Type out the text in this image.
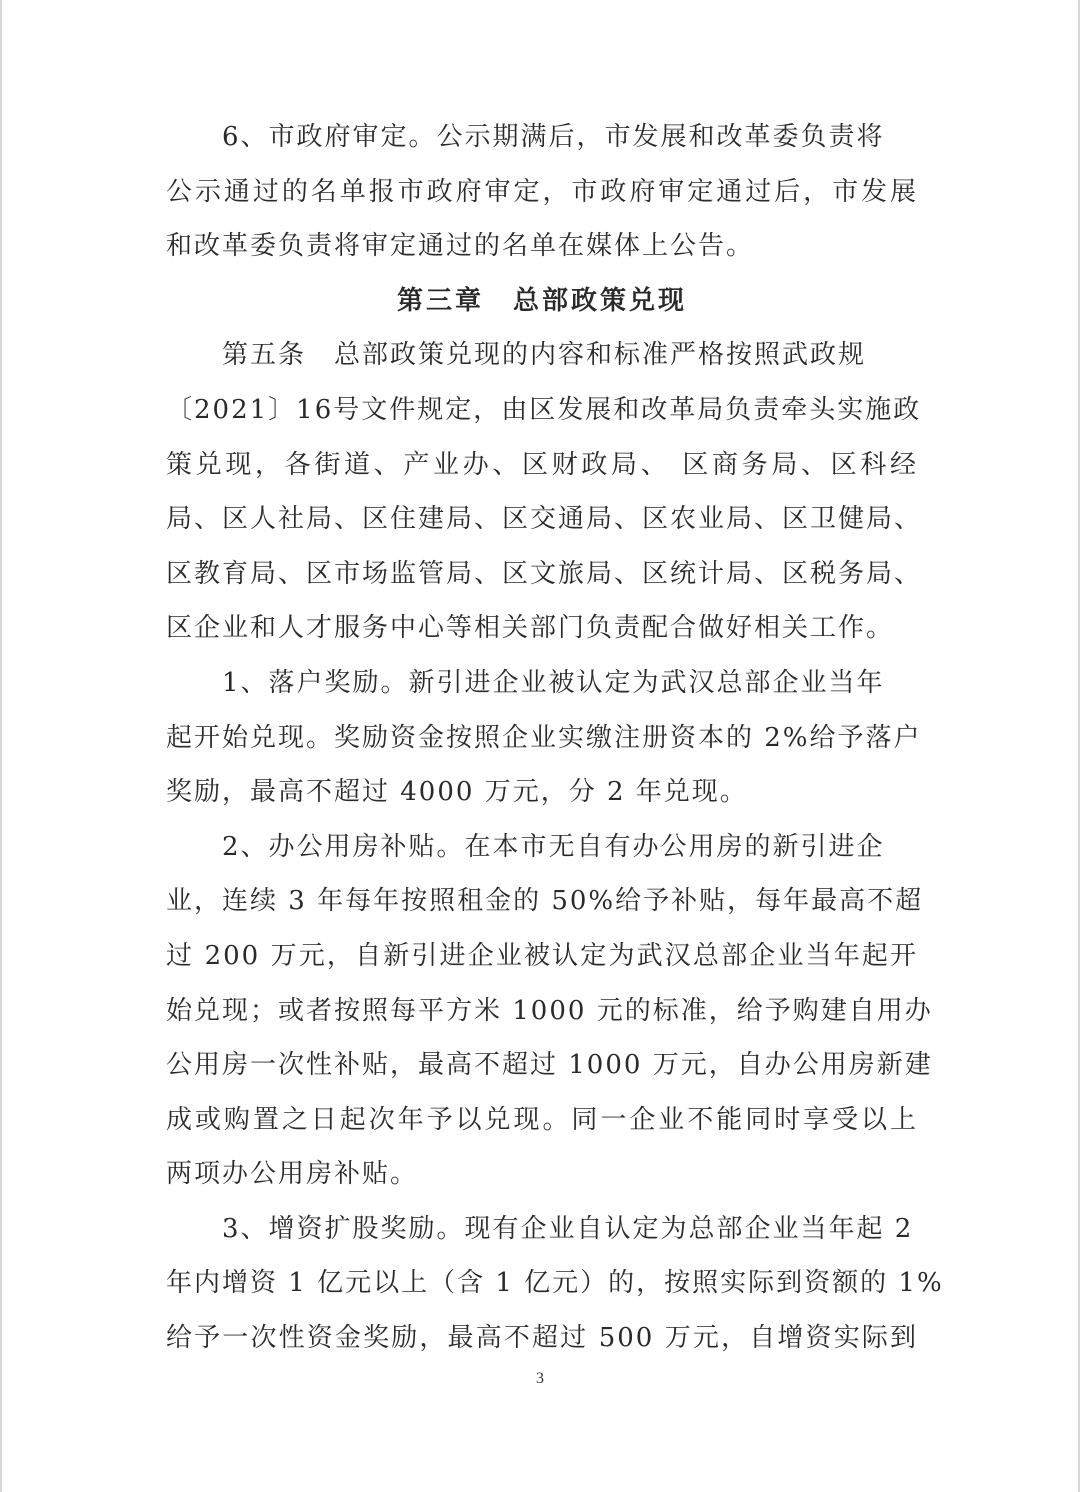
6、市政府审定。公示期满后，市发展和改革委负责将
公示通过的名单报市政府审定，市政府审定通过后，市发展
和改革委负责将审定通过的名单在媒体上公告。
第三章　总部政策兑现
第五条　总部政策兑现的内容和标准严格按照武政规
〔2021〕16号文件规定，由区发展和改革局负责牵头实施政
策兑现，各街道、产业办、区财政局、 区商务局、区科经
局、区人社局、区住建局、区交通局、区农业局、区卫健局、
区教育局、区市场监管局、区文旅局、区统计局、区税务局、
区企业和人才服务中心等相关部门负责配合做好相关工作。
1、落户奖励。新引进企业被认定为武汉总部企业当年
起开始兑现。奖励资金按照企业实缴注册资本的 2%给予落户
奖励，最高不超过 4000 万元，分 2 年兑现。
2、办公用房补贴。在本市无自有办公用房的新引进企
业，连续 3 年每年按照租金的 50%给予补贴，每年最高不超
过 200 万元，自新引进企业被认定为武汉总部企业当年起开
始兑现；或者按照每平方米 1000 元的标准，给予购建自用办
公用房一次性补贴，最高不超过 1000 万元，自办公用房新建
成或购置之日起次年予以兑现。同一企业不能同时享受以上
两项办公用房补贴。
3、增资扩股奖励。现有企业自认定为总部企业当年起 2
年内增资 1 亿元以上（含 1 亿元）的，按照实际到资额的 1%
给予一次性资金奖励，最高不超过 500 万元，自增资实际到
3
